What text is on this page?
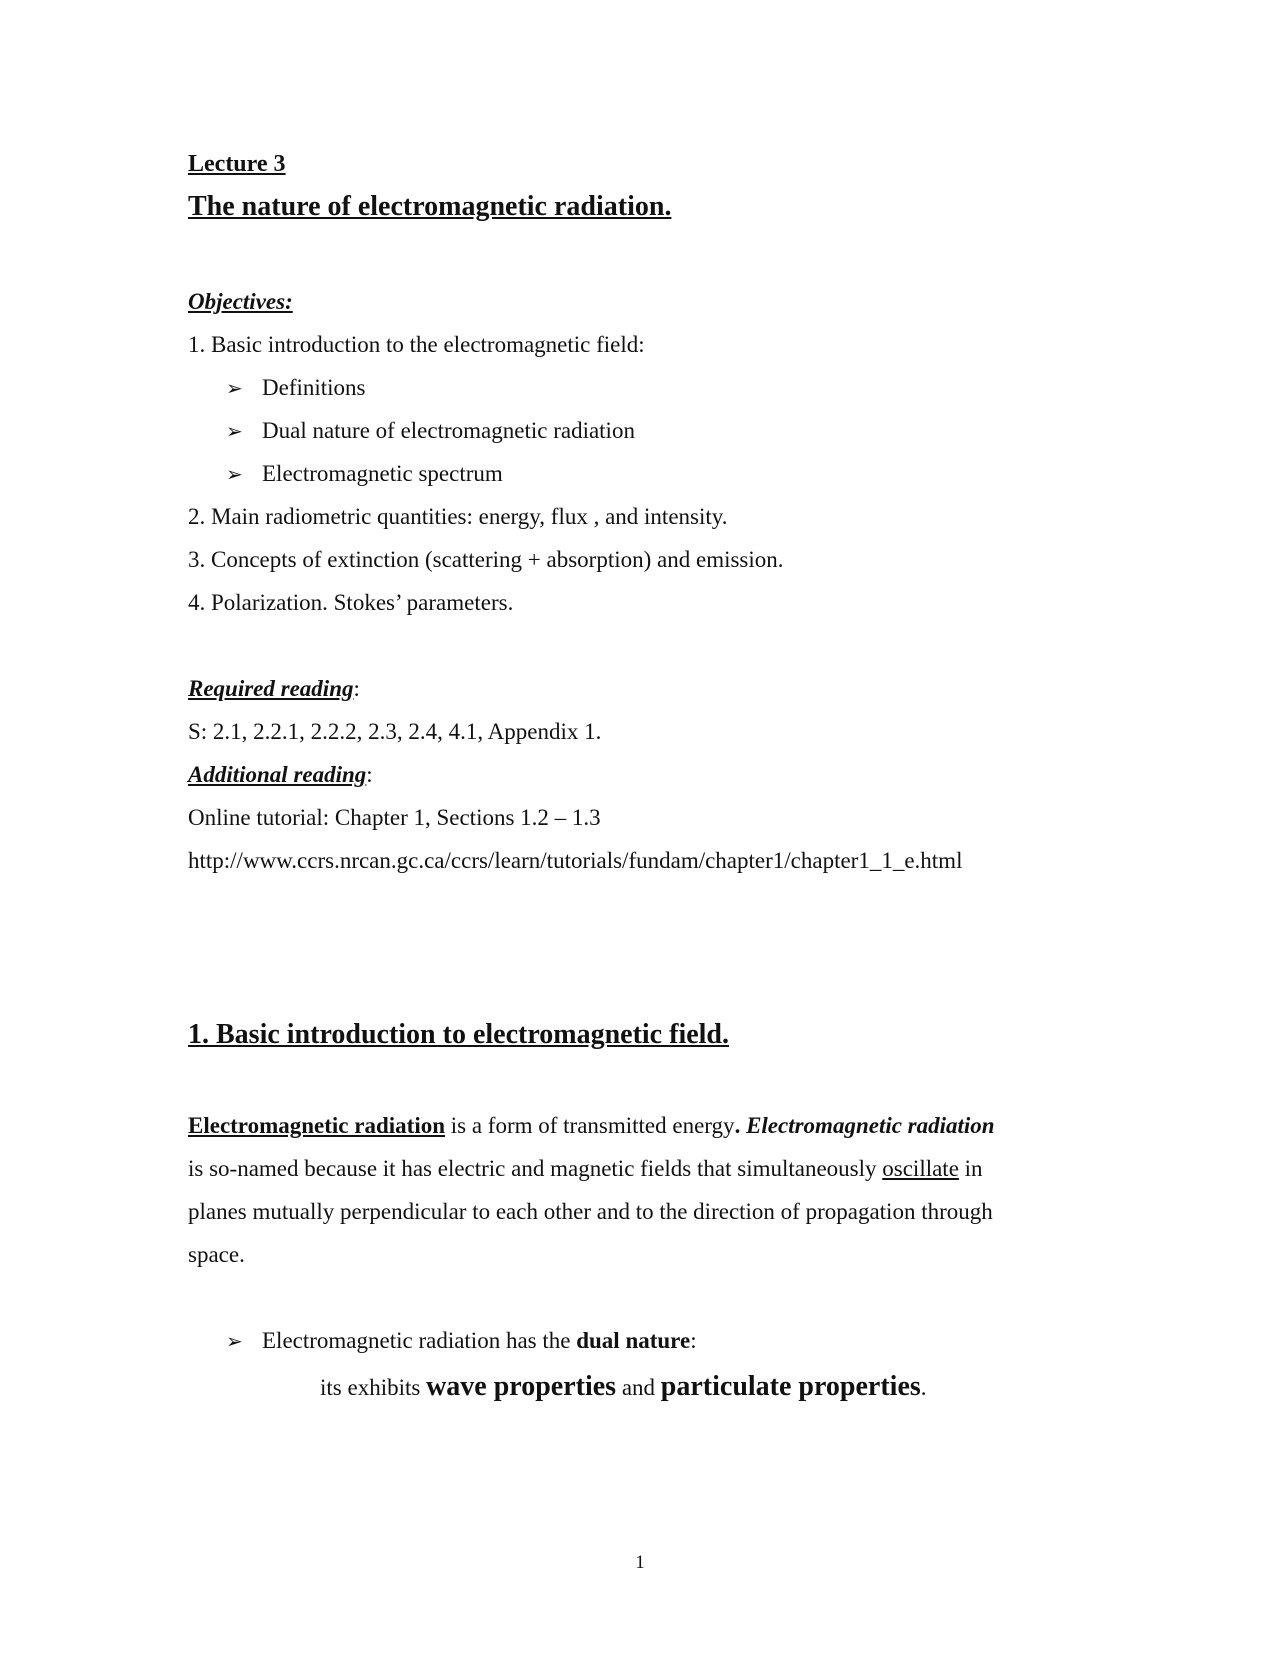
Lecture 3
The nature of electromagnetic radiation.
Objectives:
1. Basic introduction to the electromagnetic field:
➢ Definitions
➢ Dual nature of electromagnetic radiation
➢ Electromagnetic spectrum
2. Main radiometric quantities: energy, flux , and intensity.
3. Concepts of extinction (scattering + absorption) and emission.
4. Polarization. Stokes’ parameters.
Required reading:
S: 2.1, 2.2.1, 2.2.2, 2.3, 2.4, 4.1, Appendix 1.
Additional reading:
Online tutorial: Chapter 1, Sections 1.2 – 1.3
http://www.ccrs.nrcan.gc.ca/ccrs/learn/tutorials/fundam/chapter1/chapter1_1_e.html
1. Basic introduction to electromagnetic field.
Electromagnetic radiation is a form of transmitted energy. Electromagnetic radiation
is so-named because it has electric and magnetic fields that simultaneously oscillate in
planes mutually perpendicular to each other and to the direction of propagation through
space.
➢ Electromagnetic radiation has the dual nature:
its exhibits wave properties and particulate properties.
1
